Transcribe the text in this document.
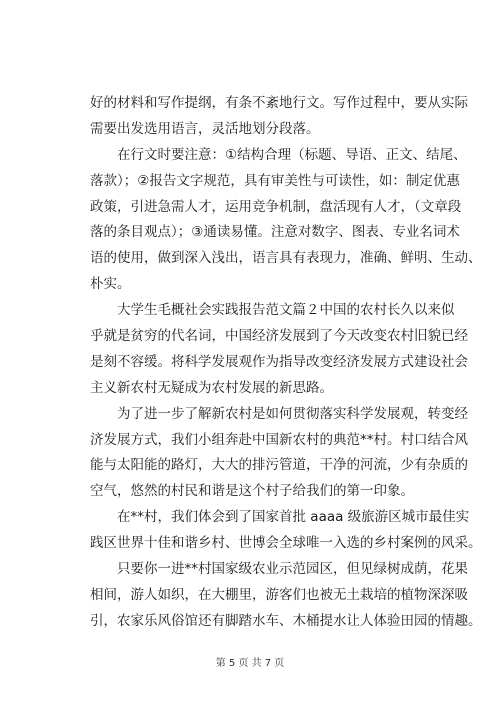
好的材料和写作提纲，有条不紊地行文。写作过程中，要从实际
需要出发选用语言，灵活地划分段落。
在行文时要注意：①结构合理（标题、导语、正文、结尾、
落款）；②报告文字规范，具有审美性与可读性，如：制定优惠
政策，引进急需人才，运用竞争机制，盘活现有人才，（文章段
落的条目观点）；③通读易懂。注意对数字、图表、专业名词术
语的使用，做到深入浅出，语言具有表现力，准确、鲜明、生动、
朴实。
大学生毛概社会实践报告范文篇２中国的农村长久以来似
乎就是贫穷的代名词，中国经济发展到了今天改变农村旧貌已经
是刻不容缓。将科学发展观作为指导改变经济发展方式建设社会
主义新农村无疑成为农村发展的新思路。
为了进一步了解新农村是如何贯彻落实科学发展观，转变经
济发展方式，我们小组奔赴中国新农村的典范**村。村口结合风
能与太阳能的路灯，大大的排污管道，干净的河流，少有杂质的
空气，悠然的村民和谐是这个村子给我们的第一印象。
在**村，我们体会到了国家首批 aaaa 级旅游区城市最佳实
践区世界十佳和谐乡村、世博会全球唯一入选的乡村案例的风采。
只要你一进**村国家级农业示范园区，但见绿树成荫，花果
相间，游人如织，在大棚里，游客们也被无土栽培的植物深深吸
引，农家乐风俗馆还有脚踏水车、木桶提水让人体验田园的情趣。
第 5 页 共 7 页
